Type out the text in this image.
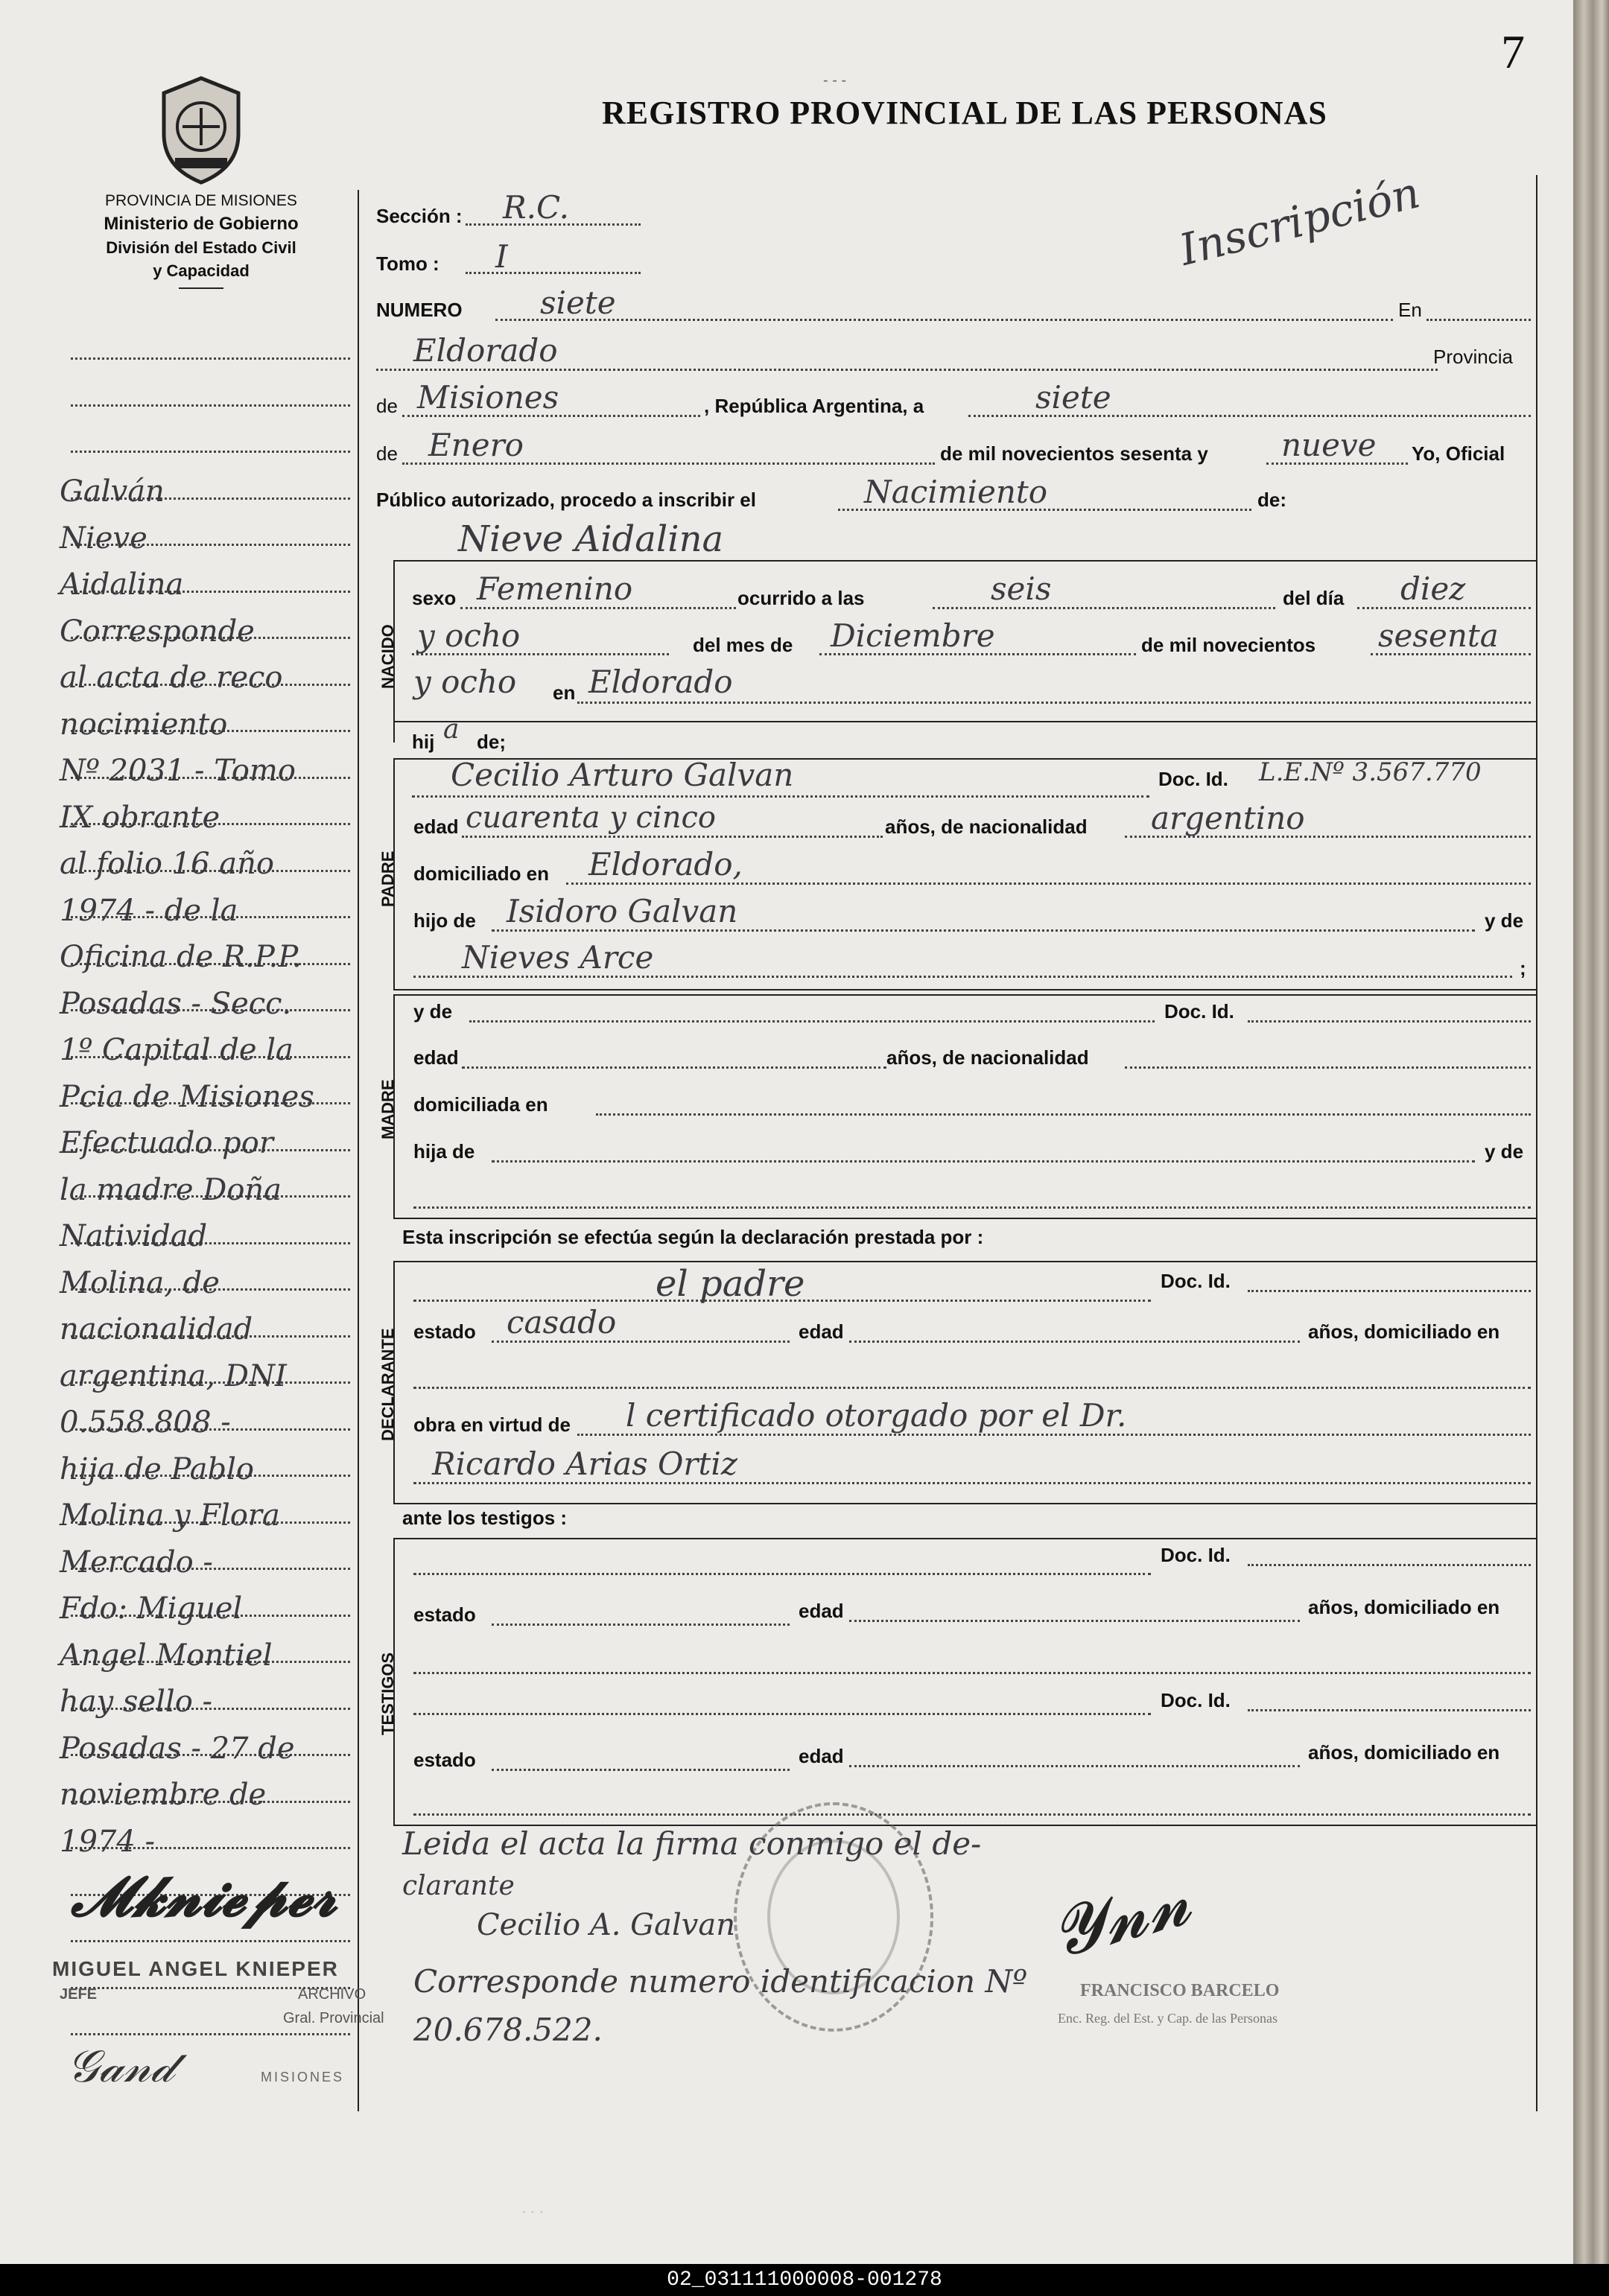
7
- - -
REGISTRO PROVINCIAL DE LAS PERSONAS
PROVINCIA DE MISIONES
Ministerio de Gobierno
División del Estado Civil
y Capacidad	Inscripción
Galván
Nieve
Aidalina
Corresponde
al acta de reco
nocimiento
Nº 2031 - Tomo
IX obrante
al folio 16 año
1974 - de la
Oficina de R.P.P.
Posadas - Secc.
1º Capital de la
Pcia de Misiones
Efectuado por
la madre Doña
Natividad
Molina, de
nacionalidad
argentina, DNI
0.558.808 -
hija de Pablo
Molina y Flora
Mercado -
Fdo: Miguel
Angel Montiel
hay sello -
Posadas - 27 de
noviembre de
1974 -
𝓜𝓴𝓷𝓲𝓮𝓹𝓮𝓻
MIGUEL ANGEL KNIEPER
JEFE	ARCHIVO
Gral. Provincial
MISIONES
𝒢𝒶𝓃𝒹
Sección : R.C.
Tomo : I
NUMERO siete	En
Eldorado	Provincia
de Misiones	, República Argentina, a	siete
de Enero	de mil novecientos sesenta y nueve Yo, Oficial
Público autorizado, procedo a inscribir el	Nacimiento	de:
Nieve Aidalina
NACIDO
sexo Femenino	ocurrido a las	seis	del día diez
y ocho	del mes de Diciembre	de mil novecientos sesenta
y ocho en Eldorado
hij a de;
PADRE
Cecilio Arturo Galvan	Doc. Id. L.E.Nº 3.567.770
edad cuarenta y cinco	años, de nacionalidad argentino
domiciliado en Eldorado,
hijo de Isidoro Galvan	y de
Nieves Arce	;
MADRE
y de	Doc. Id.
edad	años, de nacionalidad
domiciliada en
hija de	y de
Esta inscripción se efectúa según la declaración prestada por :
DECLARANTE
el padre	Doc. Id.
estado casado	edad	años, domiciliado en
obra en virtud de l certificado otorgado por el Dr.
Ricardo Arias Ortiz
ante los testigos :
TESTIGOS
Doc. Id.
estado	edad	años, domiciliado en
Doc. Id.
estado	edad	años, domiciliado en
FRANCISCO BARCELO
Enc. Reg. del Est. y Cap. de las Personas
Leida el acta la firma conmigo el de-
clarante
Cecilio A. Galvan	𝓨𝓷𝓷
Corresponde numero identificacion Nº
20.678.522.
· · ·
02_031111000008-001278
